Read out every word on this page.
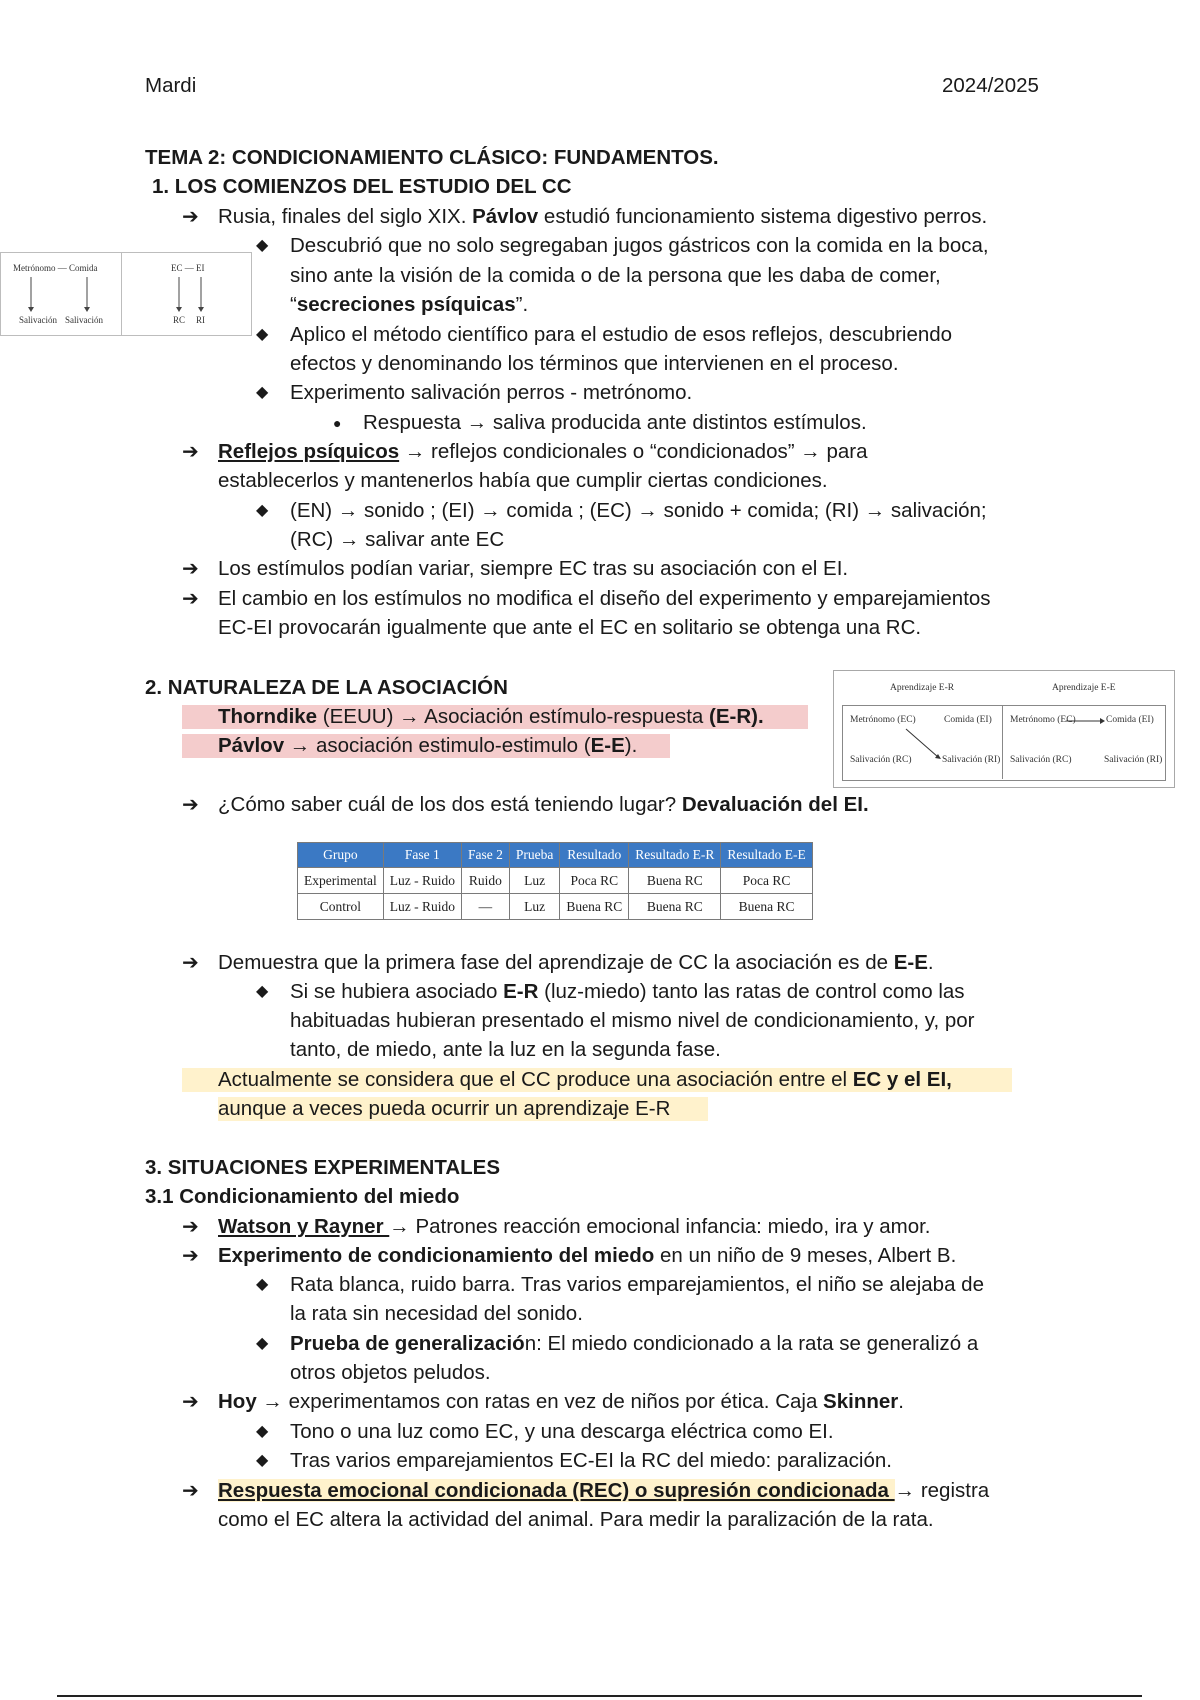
Mardi	2024/2025
TEMA 2: CONDICIONAMIENTO CLÁSICO: FUNDAMENTOS.
1. LOS COMIENZOS DEL ESTUDIO DEL CC
➔ Rusia, finales del siglo XIX. Pávlov estudió funcionamiento sistema digestivo perros.
◆ Descubrió que no solo segregaban jugos gástricos con la comida en la boca,
sino ante la visión de la comida o de la persona que les daba de comer,
“secreciones psíquicas”.
◆ Aplico el método científico para el estudio de esos reflejos, descubriendo
efectos y denominando los términos que intervienen en el proceso.
◆ Experimento salivación perros - metrónomo.
● Respuesta → saliva producida ante distintos estímulos.
➔ Reflejos psíquicos → reflejos condicionales o “condicionados” → para
establecerlos y mantenerlos había que cumplir ciertas condiciones.
◆ (EN) → sonido ; (EI) → comida ; (EC) → sonido + comida; (RI) → salivación;
(RC) → salivar ante EC
➔ Los estímulos podían variar, siempre EC tras su asociación con el EI.
➔ El cambio en los estímulos no modifica el diseño del experimento y emparejamientos
EC-EI provocarán igualmente que ante el EC en solitario se obtenga una RC.
Metrónomo — Comida
Salivación Salivación
EC — EI
RC RI
2. NATURALEZA DE LA ASOCIACIÓN
Thorndike (EEUU) → Asociación estímulo-respuesta (E-R).
Pávlov → asociación estimulo-estimulo (E-E).
Aprendizaje E-R	Aprendizaje E-E
Metrónomo (EC)	Comida (EI)
Salivación (RC)	Salivación (RI)
Metrónomo (EC)	Comida (EI)
Salivación (RC)	Salivación (RI)
➔ ¿Cómo saber cuál de los dos está teniendo lugar? Devaluación del EI.
Grupo	Fase 1	Fase 2	Prueba	Resultado	Resultado E-R	Resultado E-E
Experimental	Luz - Ruido	Ruido	Luz	Poca RC	Buena RC	Poca RC
Control	Luz - Ruido	—	Luz	Buena RC	Buena RC	Buena RC
➔ Demuestra que la primera fase del aprendizaje de CC la asociación es de E-E.
◆ Si se hubiera asociado E-R (luz-miedo) tanto las ratas de control como las
habituadas hubieran presentado el mismo nivel de condicionamiento, y, por
tanto, de miedo, ante la luz en la segunda fase.
Actualmente se considera que el CC produce una asociación entre el EC y el EI,
aunque a veces pueda ocurrir un aprendizaje E-R
3. SITUACIONES EXPERIMENTALES
3.1 Condicionamiento del miedo
➔ Watson y Rayner → Patrones reacción emocional infancia: miedo, ira y amor.
➔ Experimento de condicionamiento del miedo en un niño de 9 meses, Albert B.
◆ Rata blanca, ruido barra. Tras varios emparejamientos, el niño se alejaba de
la rata sin necesidad del sonido.
◆ Prueba de generalización: El miedo condicionado a la rata se generalizó a
otros objetos peludos.
➔ Hoy → experimentamos con ratas en vez de niños por ética. Caja Skinner.
◆ Tono o una luz como EC, y una descarga eléctrica como EI.
◆ Tras varios emparejamientos EC-EI la RC del miedo: paralización.
➔ Respuesta emocional condicionada (REC) o supresión condicionada → registra
como el EC altera la actividad del animal. Para medir la paralización de la rata.
